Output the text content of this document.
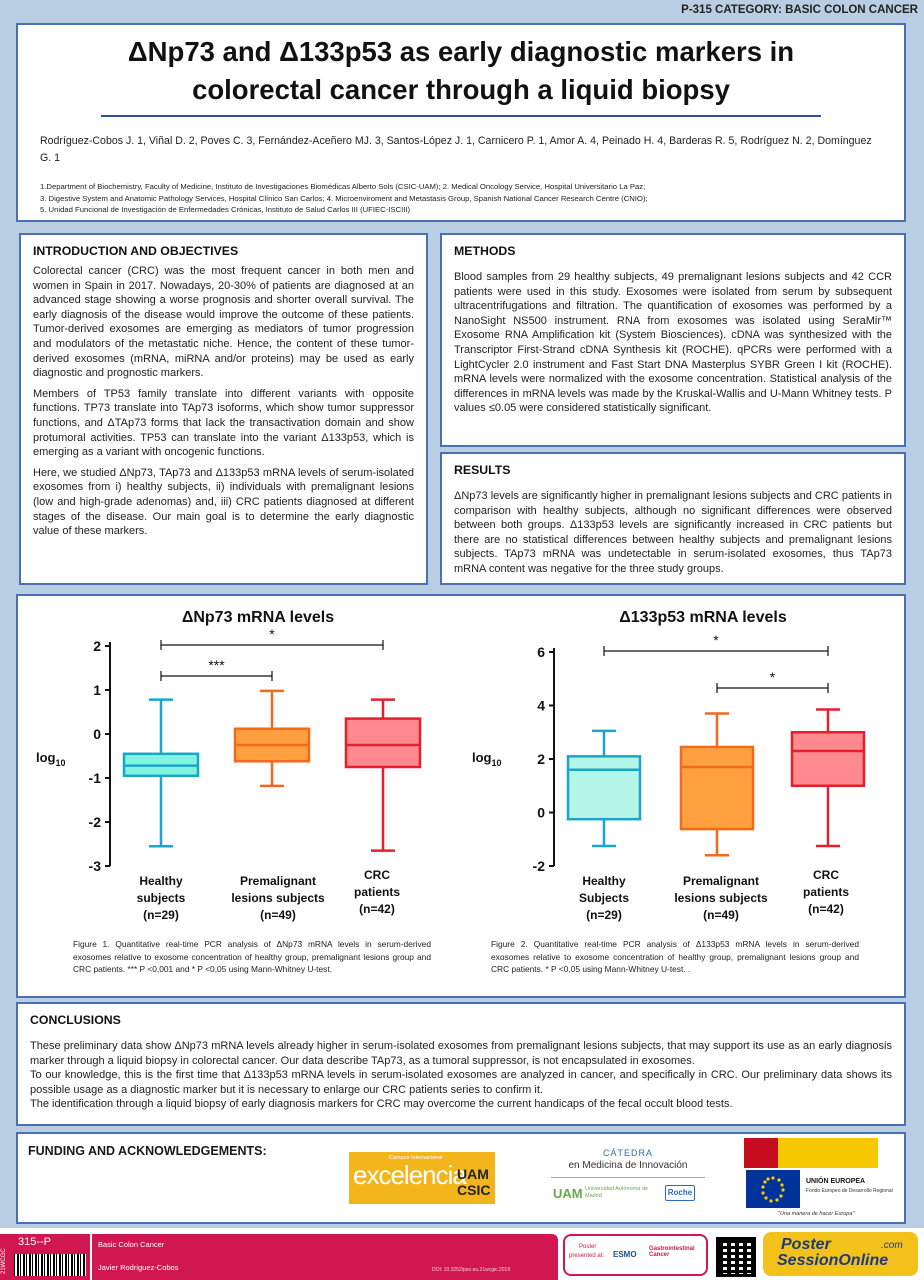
P-315 CATEGORY: BASIC COLON CANCER
ΔNp73 and Δ133p53 as early diagnostic markers in
colorectal cancer through a liquid biopsy
Rodríguez-Cobos J. 1, Viñal D. 2, Poves C. 3, Fernández-Aceñero MJ. 3, Santos-López J. 1, Carnicero P. 1, Amor A. 4, Peinado H. 4, Barderas R. 5, Rodríguez N. 2, Domínguez G. 1
1.Department of Biochemistry, Faculty of Medicine, Instituto de Investigaciones Biomédicas Alberto Sols (CSIC-UAM); 2. Medical Oncology Service, Hospital Universitario La Paz;
3. Digestive System and Anatomic Pathology Services, Hospital Clínico San Carlos; 4. Microenviroment and Metastasis Group, Spanish National Cancer Research Centre (CNIO);
5. Unidad Funcional de Investigación de Enfermedades Crónicas, Instituto de Salud Carlos III (UFIEC-ISCIII)
INTRODUCTION AND OBJECTIVES

Colorectal cancer (CRC) was the most frequent cancer in both men and women in Spain in 2017. Nowadays, 20-30% of patients are diagnosed at an advanced stage showing a worse prognosis and shorter overall survival. The early diagnosis of the disease would improve the outcome of these patients. Tumor-derived exosomes are emerging as mediators of tumor progression and modulators of the metastatic niche. Hence, the content of these tumor-derived exosomes (mRNA, miRNA and/or proteins) may be used as early diagnostic and prognostic markers.

Members of TP53 family translate into different variants with opposite functions. TP73 translate into TAp73 isoforms, which show tumor suppressor functions, and ΔTAp73 forms that lack the transactivation domain and show protumoral activities. TP53 can translate into the variant Δ133p53, which is emerging as a variant with oncogenic functions.

Here, we studied ΔNp73, TAp73 and Δ133p53 mRNA levels of serum-isolated exosomes from i) healthy subjects, ii) individuals with premalignant lesions (low and high-grade adenomas) and, iii) CRC patients diagnosed at different stages of the disease. Our main goal is to determine the early diagnostic value of these markers.

METHODS

Blood samples from 29 healthy subjects, 49 premalignant lesions subjects and 42 CCR patients were used in this study. Exosomes were isolated from serum by subsequent ultracentrifugations and filtration. The quantification of exosomes was performed by a NanoSight NS500 instrument. RNA from exosomes was isolated using SeraMir™ Exosome RNA Amplification kit (System Biosciences). cDNA was synthesized with the Transcriptor First-Strand cDNA Synthesis kit (ROCHE). qPCRs were performed with a LightCycler 2.0 instrument and Fast Start DNA Masterplus SYBR Green I kit (ROCHE). mRNA levels were normalized with the exosome concentration. Statistical analysis of the differences in mRNA levels was made by the Kruskal-Wallis and U-Mann Whitney tests. P values ≤0.05 were considered statistically significant.

RESULTS

ΔNp73 levels are significantly higher in premalignant lesions subjects and CRC patients in comparison with healthy subjects, although no significant differences were observed between both groups. Δ133p53 levels are significantly increased in CRC patients but there are no statistical differences between healthy subjects and premalignant lesions subjects. TAp73 mRNA was undetectable in serum-isolated exosomes, thus TAp73 mRNA content was negative for the three study groups.

ΔNp73 mRNA levels
$\log_{10}$
2
1
0
-1
-2
-3
Healthy
subjects
(n=29)
Premalignant
lesions subjects
(n=49)
CRC
patients
(n=42)
*
***
Δ133p53 mRNA levels
$\log_{10}$
6
4
2
0
-2
Healthy
Subjects
(n=29)
Premalignant
lesions subjects
(n=49)
CRC
patients
(n=42)
*
*
Figure 1. Quantitative real-time PCR analysis of ΔNp73 mRNA levels in serum-derived exosomes relative to exosome concentration of healthy group, premalignant lesions group and CRC patients. *** P <0,001 and * P <0,05 using Mann-Whitney U-test.
Figure 2. Quantitative real-time PCR analysis of Δ133p53 mRNA levels in serum-derived exosomes relative to exosome concentration of healthy group, premalignant lesions group and CRC patients. * P <0,05 using Mann-Whitney U-test. .
CONCLUSIONS

These preliminary data show ΔNp73 mRNA levels already higher in serum-isolated exosomes from premalignant lesions subjects, that may support its use as an early diagnosis marker through a liquid biopsy in colorectal cancer. Our data describe TAp73, as a tumoral suppressor, is not encapsulated in exosomes.

To our knowledge, this is the first time that Δ133p53 mRNA levels in serum-isolated exosomes are analyzed in cancer, and specifically in CRC. Our preliminary data shows its possible usage as a diagnostic marker but it is necessary to enlarge our CRC patients series to confirm it.

The identification through a liquid biopsy of early diagnosis markers for CRC may overcome the current handicaps of the fecal occult blood tests.

FUNDING AND ACKNOWLEDGEMENTS:	Campus Internacional
excelencia
UAM
CSIC
CÁTEDRA
en Medicina de Innovación
UAM Universidad Autónoma de Madrid	Roche
UNIÓN EUROPEA
Fondo Europeo de Desarrollo Regional
"Una manera de hacer Europa"
21WCGC
315--P	Basic Colon Cancer
Javier Rodriguez-Cobos	DOI: 10.3252/pso.eu.21wcgic.2019
Poster
presented at: ESMO
Gastrointestinal Cancer
Poster
SessionOnline
.com
